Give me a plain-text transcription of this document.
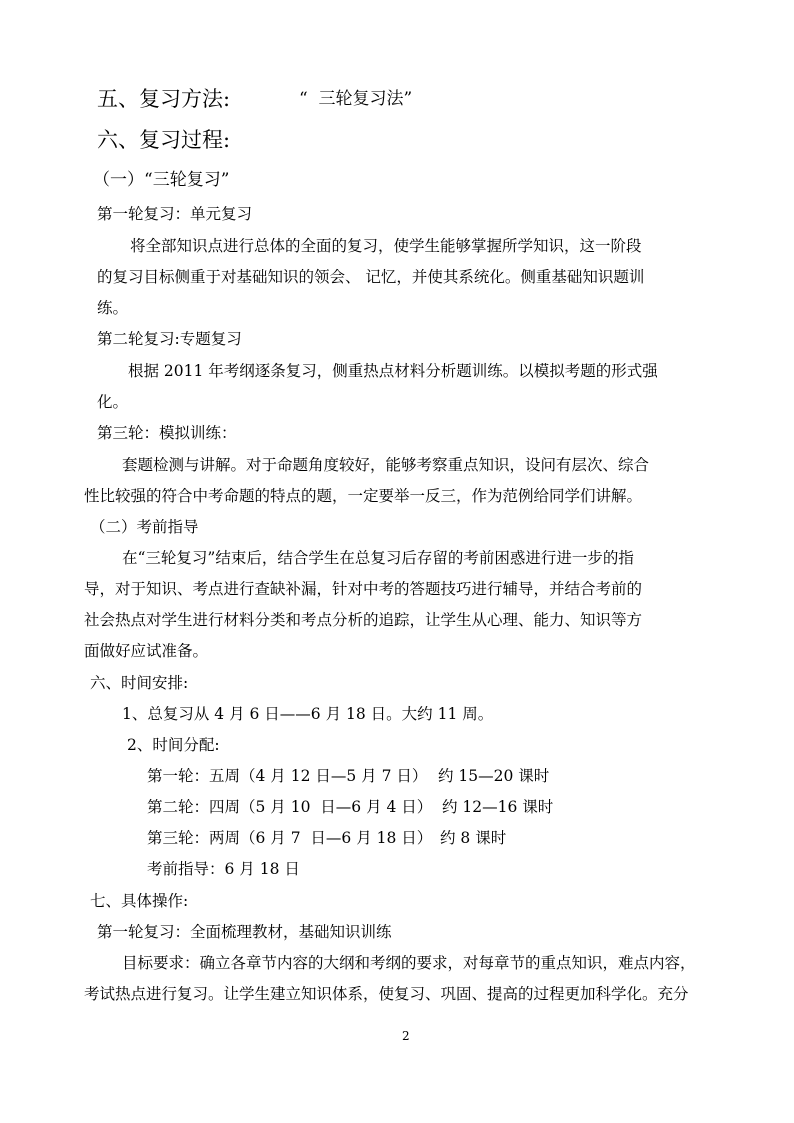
五、复习方法:	“  三轮复习法”
六、复习过程:
（一）“三轮复习”
第一轮复习：单元复习
将全部知识点进行总体的全面的复习，使学生能够掌握所学知识，这一阶段
的复习目标侧重于对基础知识的领会、 记忆，并使其系统化。侧重基础知识题训
练。
第二轮复习:专题复习
根据 2011 年考纲逐条复习，侧重热点材料分析题训练。以模拟考题的形式强
化。
第三轮：模拟训练：
套题检测与讲解。对于命题角度较好，能够考察重点知识，设问有层次、综合
性比较强的符合中考命题的特点的题，一定要举一反三，作为范例给同学们讲解。
（二）考前指导
在“三轮复习”结束后，结合学生在总复习后存留的考前困惑进行进一步的指
导，对于知识、考点进行查缺补漏，针对中考的答题技巧进行辅导，并结合考前的
社会热点对学生进行材料分类和考点分析的追踪，让学生从心理、能力、知识等方
面做好应试准备。
六、时间安排:
1、总复习从 4 月 6 日——6 月 18 日。大约 11 周。
2、时间分配:
第一轮：五周（4 月 12 日—5 月 7 日） 约 15—20 课时
第二轮：四周（5 月 10  日—6 月 4 日） 约 12—16 课时
第三轮：两周（6 月 7  日—6 月 18 日） 约 8 课时
考前指导：6 月 18 日
七、具体操作:
第一轮复习：全面梳理教材，基础知识训练
目标要求：确立各章节内容的大纲和考纲的要求，对每章节的重点知识，难点内容，
考试热点进行复习。让学生建立知识体系，使复习、巩固、提高的过程更加科学化。充分
2
